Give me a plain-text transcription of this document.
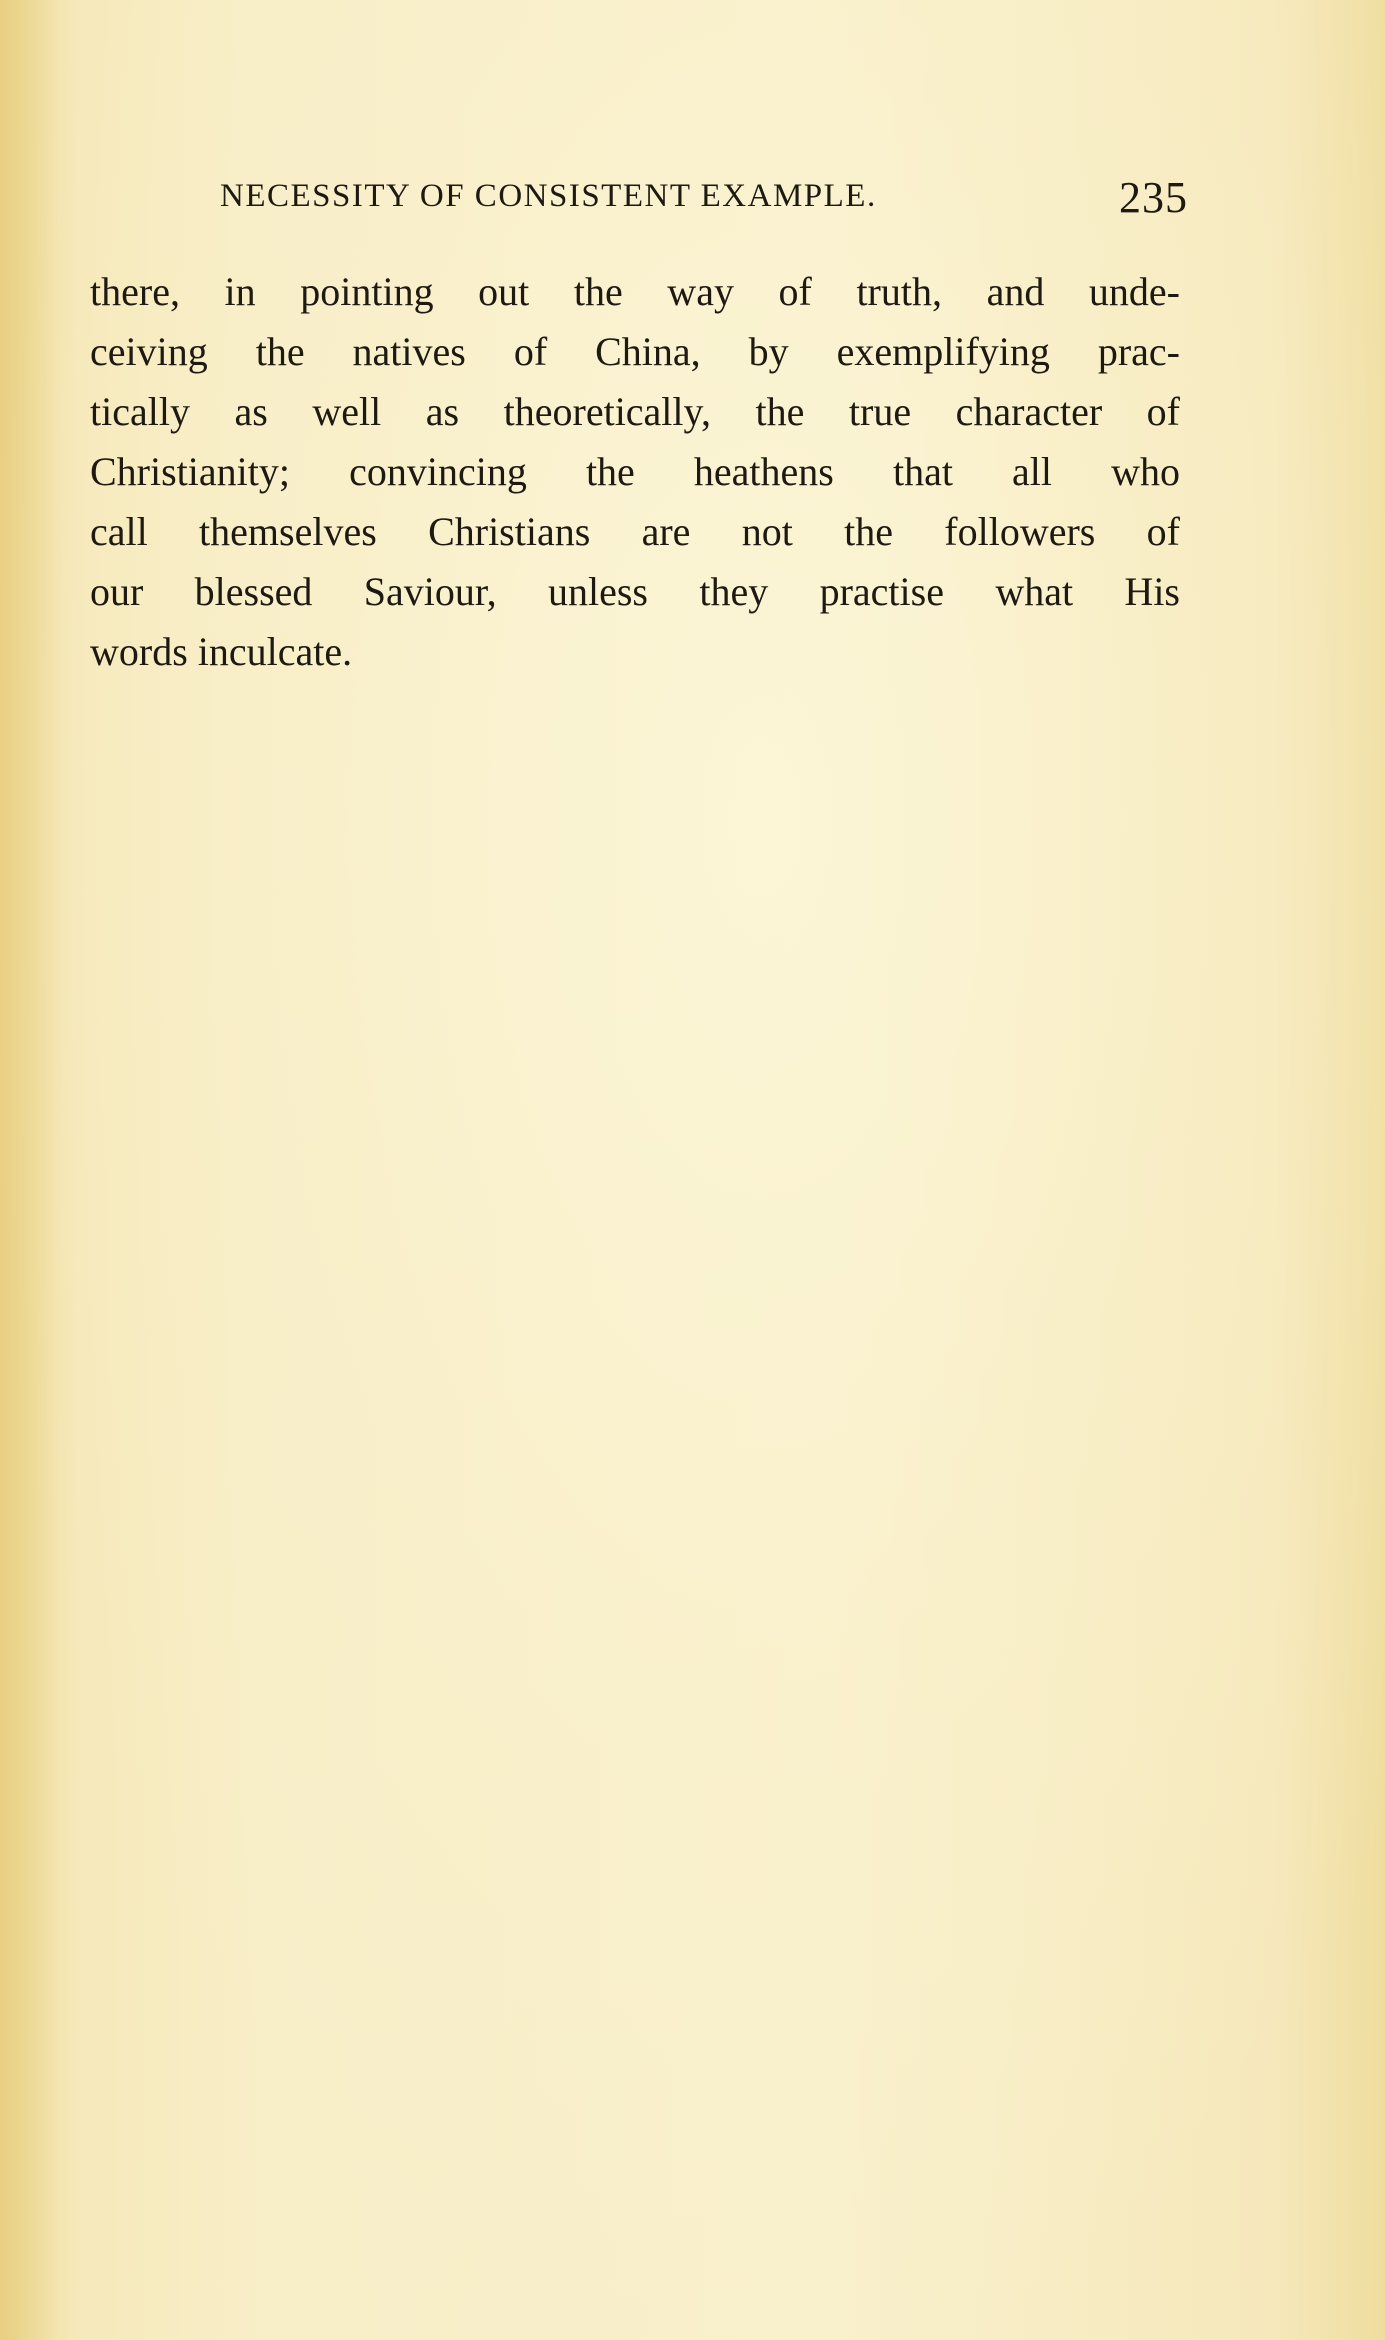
NECESSITY OF CONSISTENT EXAMPLE.	235
there, in pointing out the way of truth, and unde-
ceiving the natives of China, by exemplifying prac-
tically as well as theoretically, the true character of
Christianity; convincing the heathens that all who
call themselves Christians are not the followers of
our blessed Saviour, unless they practise what His
words inculcate.
